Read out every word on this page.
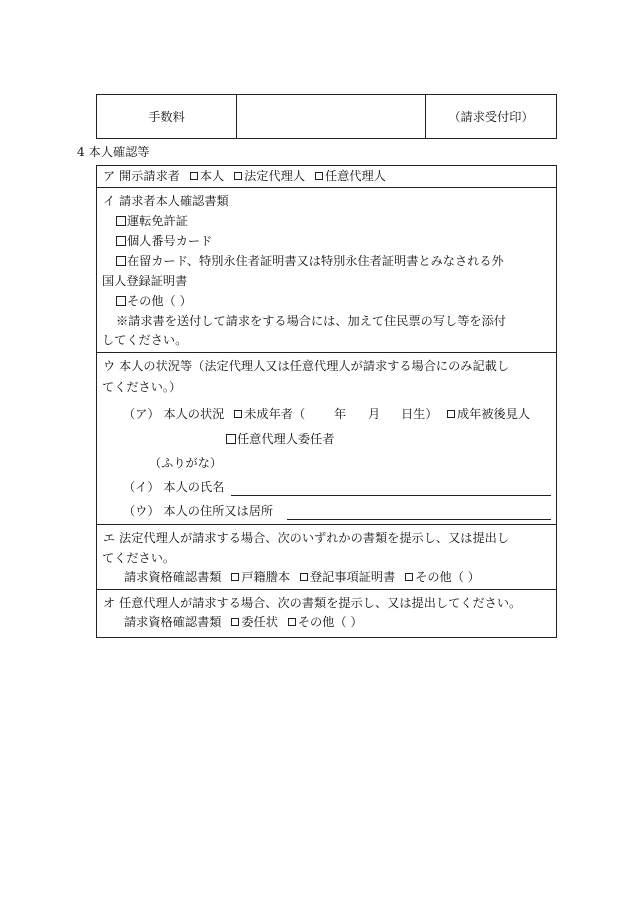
手数料	（請求受付印）
4 本人確認等
ア 開示請求者 本人 法定代理人 任意代理人
イ 請求者本人確認書類
運転免許証
個人番号カード
在留カード、特別永住者証明書又は特別永住者証明書とみなされる外
国人登録証明書
その他（ ）
※請求書を送付して請求をする場合には、加えて住民票の写し等を添付
してください。
ウ 本人の状況等（法定代理人又は任意代理人が請求する場合にのみ記載し
てください。）
（ア） 本人の状況 未成年者（ 年 月 日生）	成年被後見人
任意代理人委任者
（ふりがな）
（イ） 本人の氏名
（ウ） 本人の住所又は居所
エ 法定代理人が請求する場合、次のいずれかの書類を提示し、又は提出し
てください。
請求資格確認書類 戸籍謄本 登記事項証明書 その他（ ）
オ 任意代理人が請求する場合、次の書類を提示し、又は提出してください。
請求資格確認書類 委任状 その他（ ）
